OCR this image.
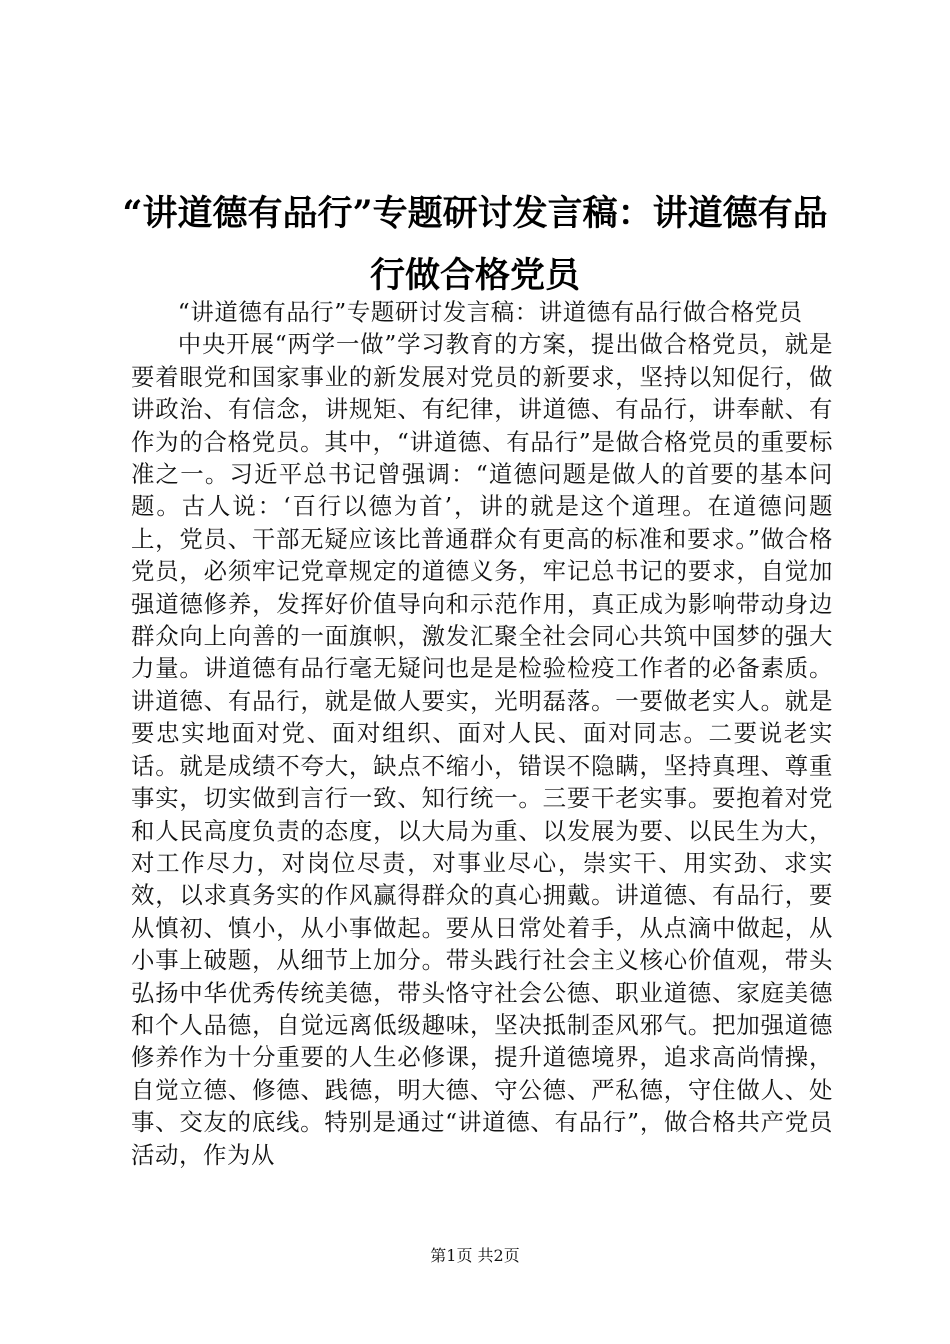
“讲道德有品行”专题研讨发言稿：讲道德有品行做合格党员

“讲道德有品行”专题研讨发言稿：讲道德有品行做合格党员

中央开展“两学一做”学习教育的方案，提出做合格党员，就是要着眼党和国家事业的新发展对党员的新要求，坚持以知促行，做讲政治、有信念，讲规矩、有纪律，讲道德、有品行，讲奉献、有作为的合格党员。其中，“讲道德、有品行”是做合格党员的重要标准之一。习近平总书记曾强调：“道德问题是做人的首要的基本问题。古人说：‘百行以德为首’，讲的就是这个道理。在道德问题上，党员、干部无疑应该比普通群众有更高的标准和要求。”做合格党员，必须牢记党章规定的道德义务，牢记总书记的要求，自觉加强道德修养，发挥好价值导向和示范作用，真正成为影响带动身边群众向上向善的一面旗帜，激发汇聚全社会同心共筑中国梦的强大力量。讲道德有品行毫无疑问也是是检验检疫工作者的必备素质。讲道德、有品行，就是做人要实，光明磊落。一要做老实人。就是要忠实地面对党、面对组织、面对人民、面对同志。二要说老实话。就是成绩不夸大，缺点不缩小，错误不隐瞒，坚持真理、尊重事实，切实做到言行一致、知行统一。三要干老实事。要抱着对党和人民高度负责的态度，以大局为重、以发展为要、以民生为大，对工作尽力，对岗位尽责，对事业尽心，崇实干、用实劲、求实效，以求真务实的作风赢得群众的真心拥戴。讲道德、有品行，要从慎初、慎小，从小事做起。要从日常处着手，从点滴中做起，从小事上破题，从细节上加分。带头践行社会主义核心价值观，带头弘扬中华优秀传统美德，带头恪守社会公德、职业道德、家庭美德和个人品德，自觉远离低级趣味，坚决抵制歪风邪气。把加强道德修养作为十分重要的人生必修课，提升道德境界，追求高尚情操，自觉立德、修德、践德，明大德、守公德、严私德，守住做人、处事、交友的底线。特别是通过“讲道德、有品行”，做合格共产党员活动，作为从

第1页 共2页
